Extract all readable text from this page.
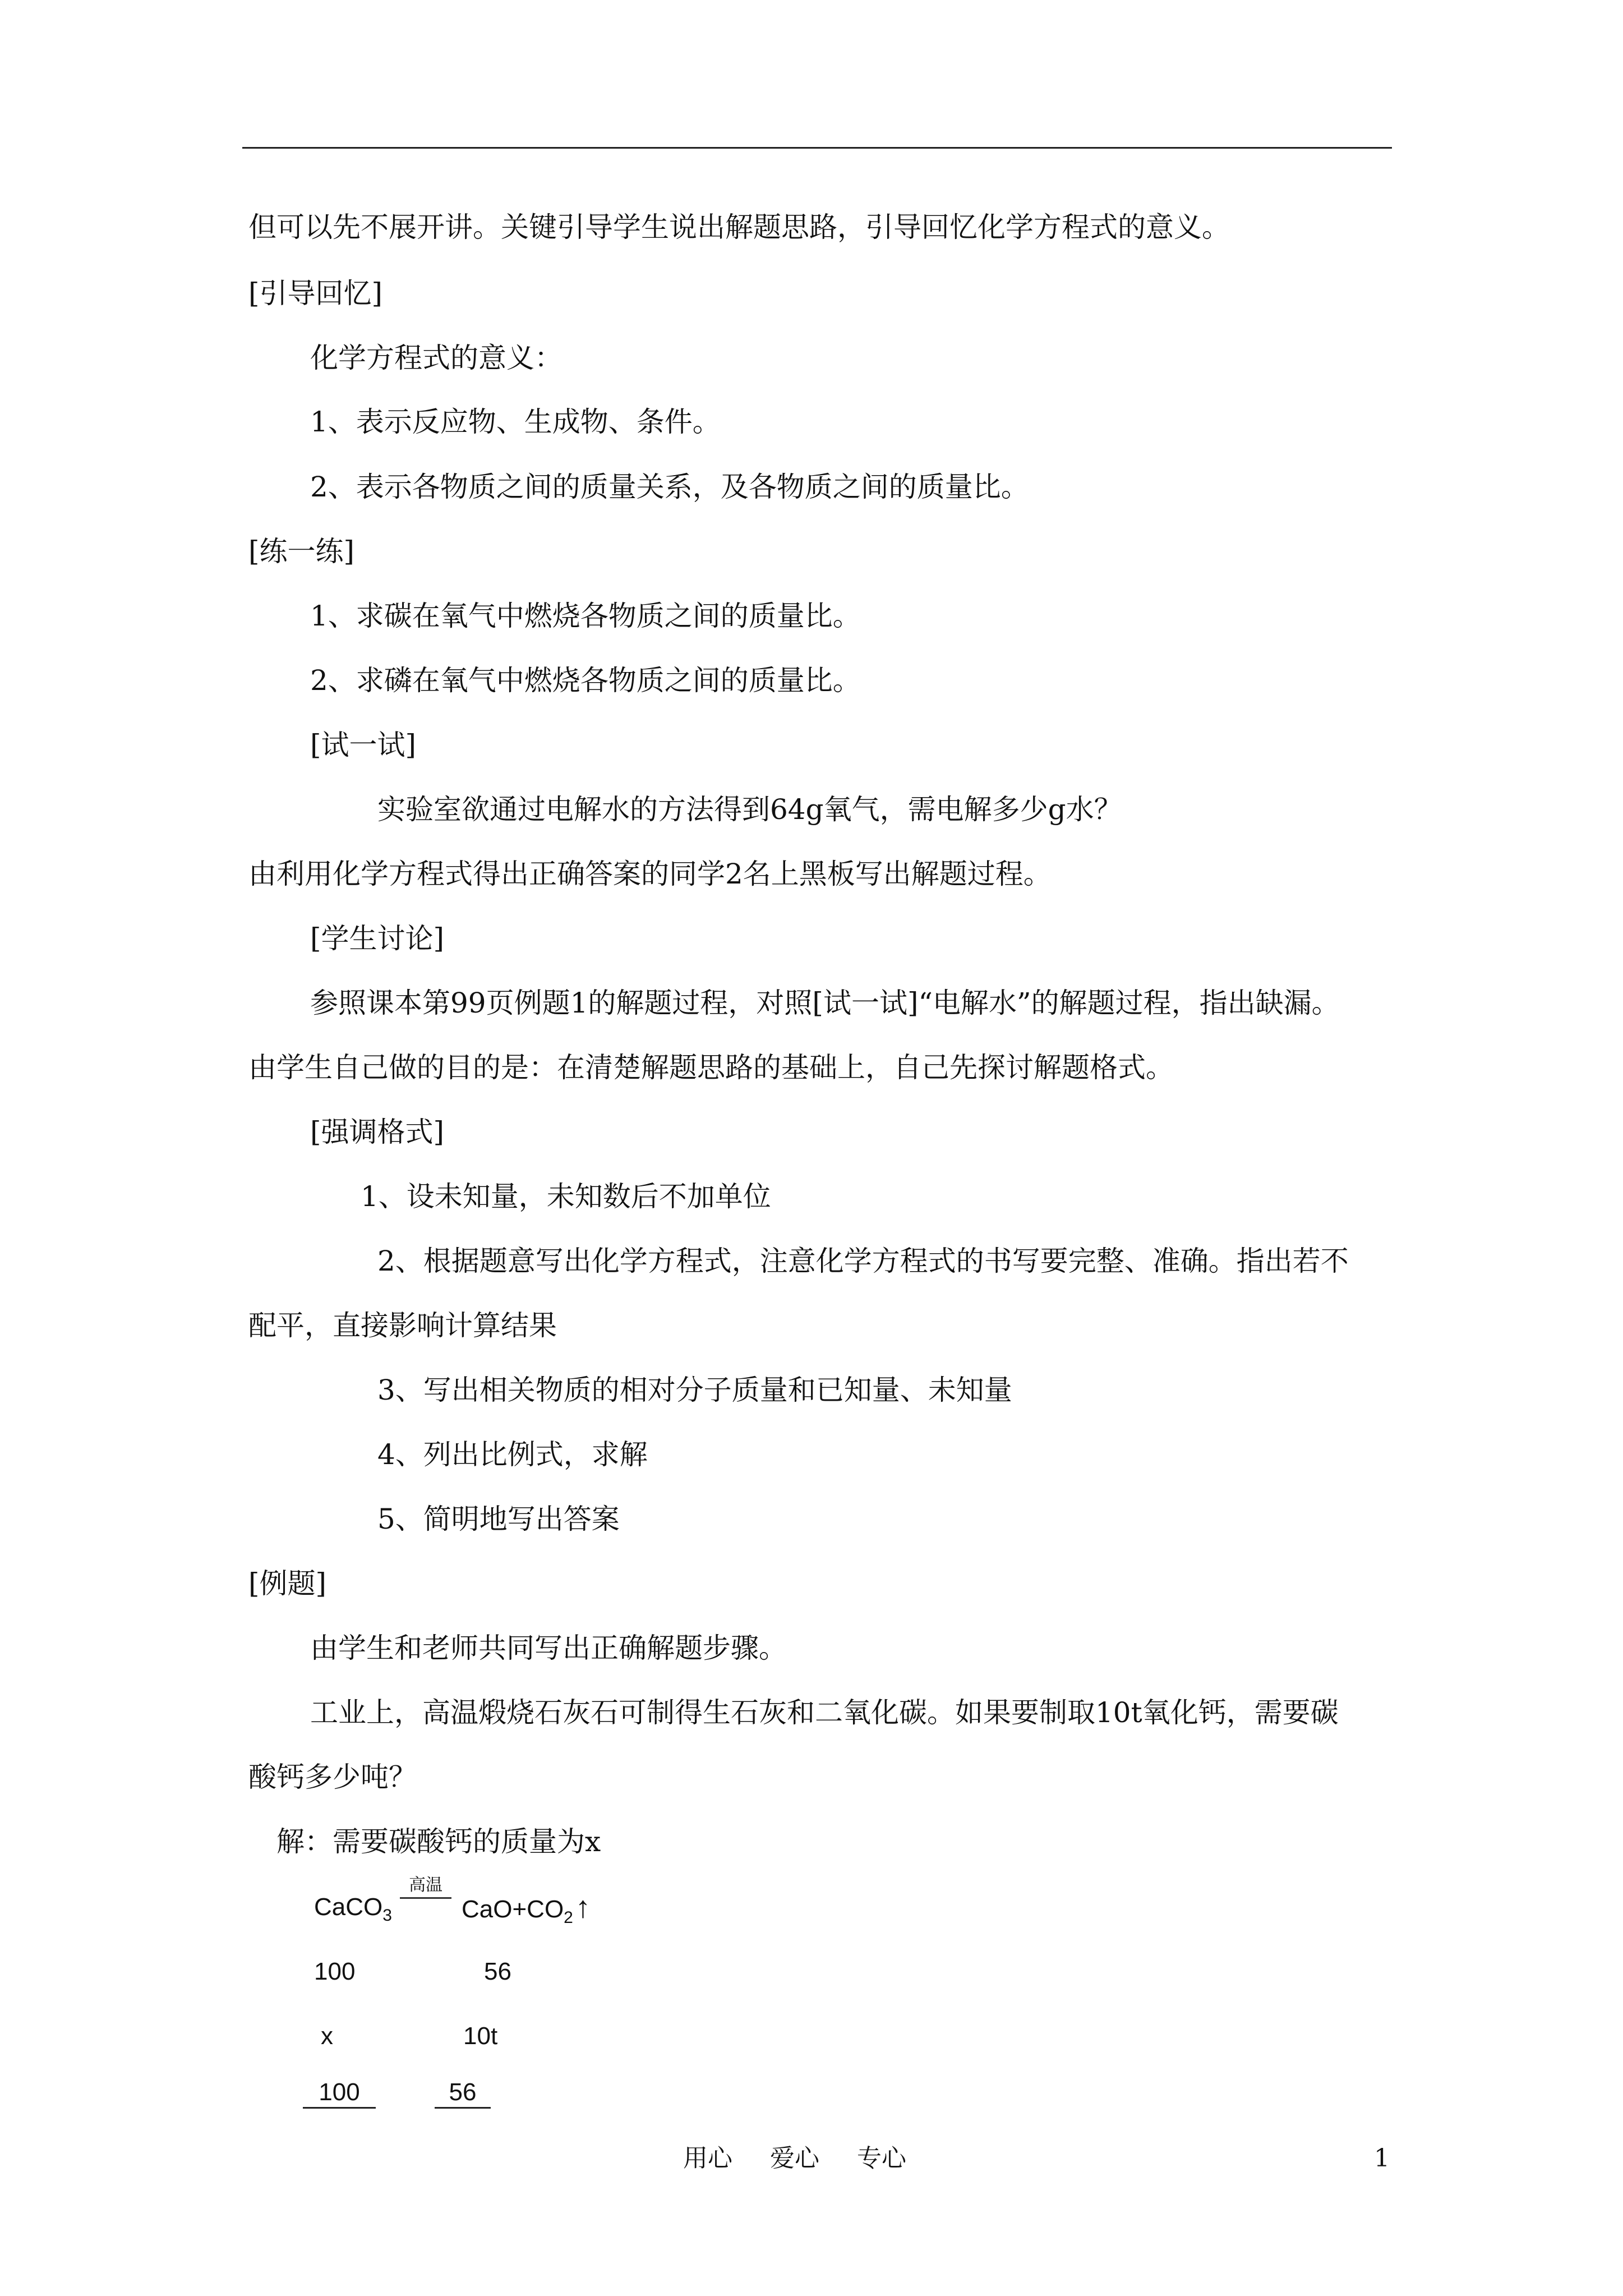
但可以先不展开讲。关键引导学生说出解题思路，引导回忆化学方程式的意义。
[引导回忆]
化学方程式的意义：
1、表示反应物、生成物、条件。
2、表示各物质之间的质量关系，及各物质之间的质量比。
[练一练]
1、求碳在氧气中燃烧各物质之间的质量比。
2、求磷在氧气中燃烧各物质之间的质量比。
[试一试]
实验室欲通过电解水的方法得到64g氧气，需电解多少g水？
由利用化学方程式得出正确答案的同学2名上黑板写出解题过程。
[学生讨论]
参照课本第99页例题1的解题过程，对照[试一试]“电解水”的解题过程，指出缺漏。
由学生自己做的目的是：在清楚解题思路的基础上，自己先探讨解题格式。
[强调格式]
1、设未知量，未知数后不加单位
2、根据题意写出化学方程式，注意化学方程式的书写要完整、准确。指出若不
配平，直接影响计算结果
3、写出相关物质的相对分子质量和已知量、未知量
4、列出比例式，求解
5、简明地写出答案
[例题]
由学生和老师共同写出正确解题步骤。
工业上，高温煅烧石灰石可制得生石灰和二氧化碳。如果要制取10t氧化钙，需要碳
酸钙多少吨？
解：需要碳酸钙的质量为x
CaCO$_3$
高温
$CaO+CO_2↑$
100	56
x	10t
100	56
用心 爱心 专心	1
